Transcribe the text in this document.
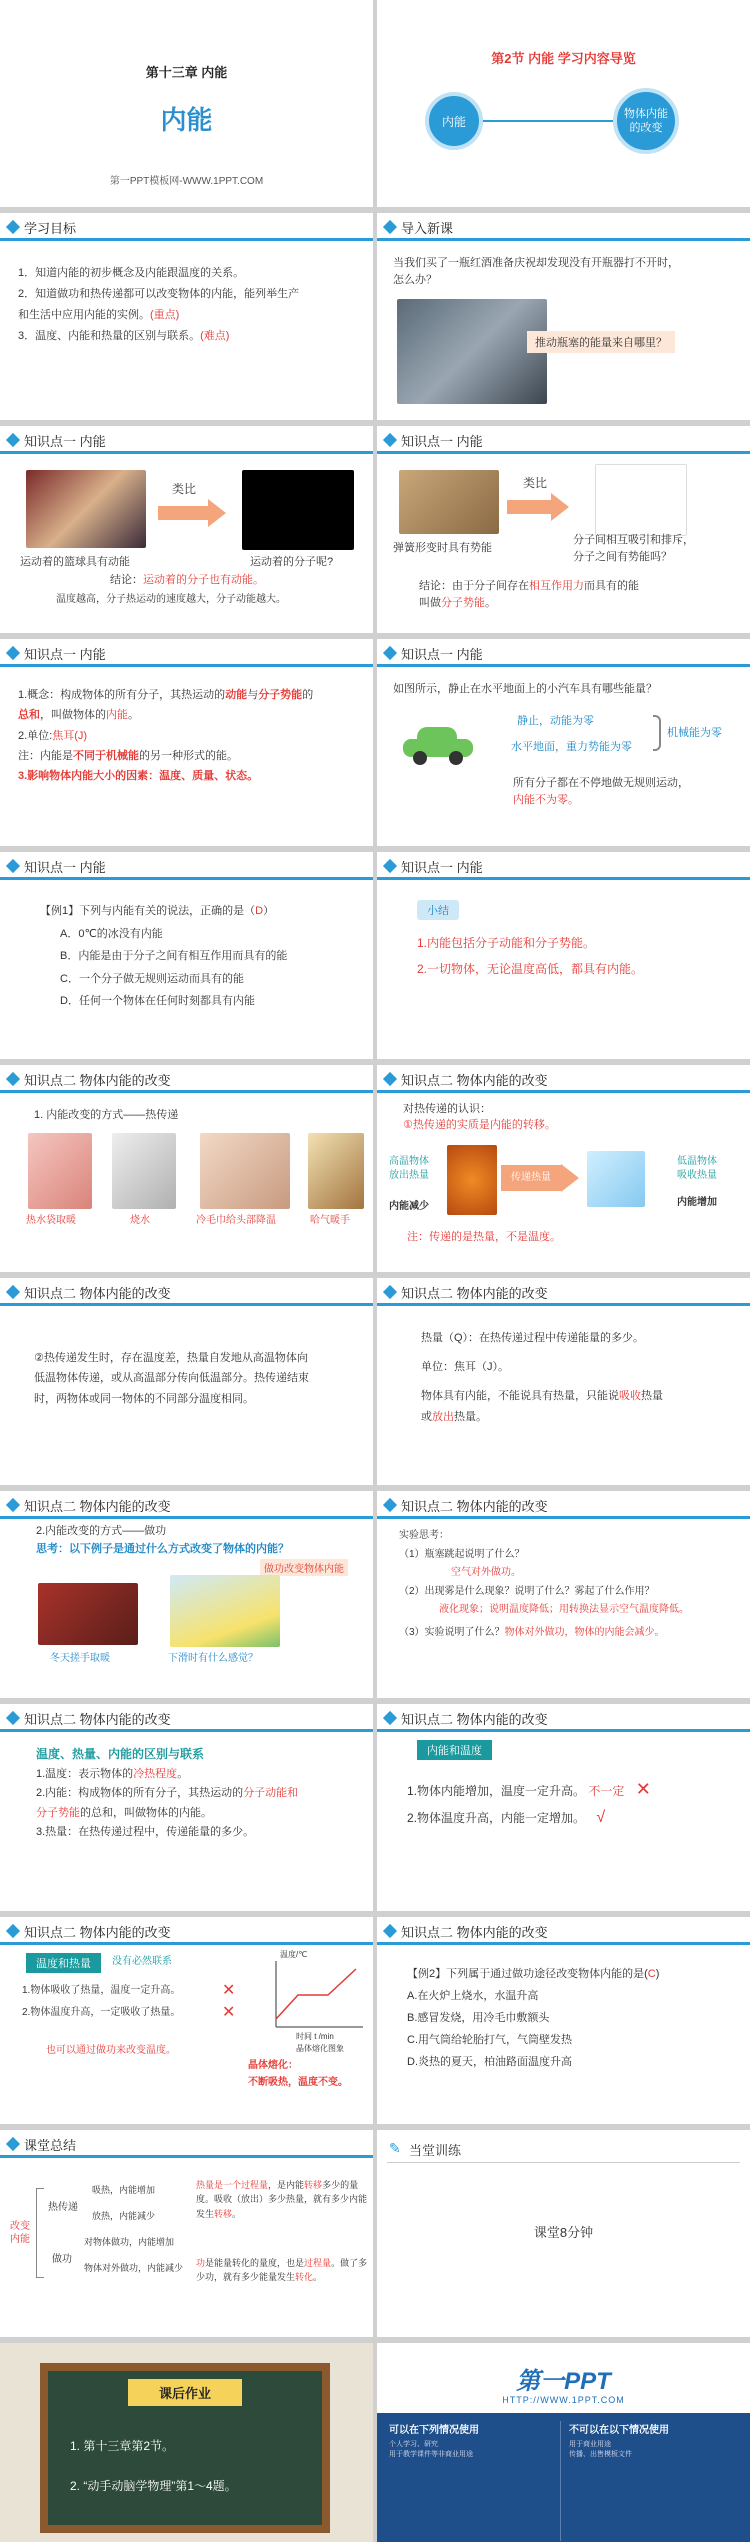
第十三章 内能
内能
第一PPT模板网-WWW.1PPT.COM
第2节 内能 学习内容导览
内能
物体内能
的改变
学习目标
1．知道内能的初步概念及内能跟温度的关系。
2．知道做功和热传递都可以改变物体的内能，能列举生产
和生活中应用内能的实例。(重点)
3．温度、内能和热量的区别与联系。(难点)
导入新课
当我们买了一瓶红酒准备庆祝却发现没有开瓶器打不开时，
怎么办？
推动瓶塞的能量来自哪里？
知识点一 内能
类比
运动着的篮球具有动能	运动着的分子呢?
结论：运动着的分子也有动能。
温度越高，分子热运动的速度越大，分子动能越大。
知识点一 内能
类比
弹簧形变时具有势能
分子间相互吸引和排斥，
分子之间有势能吗？
结论：由于分子间存在相互作用力而具有的能
叫做分子势能。
知识点一 内能
1.概念：构成物体的所有分子，其热运动的动能与分子势能的
总和，叫做物体的内能。
2.单位:焦耳(J)
注：内能是不同于机械能的另一种形式的能。
3.影响物体内能大小的因素：温度、质量、状态。
知识点一 内能
如图所示，静止在水平地面上的小汽车具有哪些能量？
静止，动能为零
水平地面，重力势能为零
机械能为零
所有分子都在不停地做无规则运动，
内能不为零。
知识点一 内能
【例1】下列与内能有关的说法，正确的是（D）
A．0℃的冰没有内能
B．内能是由于分子之间有相互作用而具有的能
C．一个分子做无规则运动而具有的能
D．任何一个物体在任何时刻都具有内能
知识点一 内能
小结
1.内能包括分子动能和分子势能。
2.一切物体，无论温度高低，都具有内能。
知识点二 物体内能的改变
1. 内能改变的方式——热传递
热水袋取暖	烧水	冷毛巾给头部降温	哈气暖手
知识点二 物体内能的改变
对热传递的认识：
①热传递的实质是内能的转移。
高温物体
放出热量
内能减少
传递热量
低温物体
吸收热量
内能增加
注：传递的是热量，不是温度。
知识点二 物体内能的改变
②热传递发生时，存在温度差，热量自发地从高温物体向
低温物体传递，或从高温部分传向低温部分。热传递结束
时，两物体或同一物体的不同部分温度相同。
知识点二 物体内能的改变
热量（Q）：在热传递过程中传递能量的多少。
单位：焦耳（J）。
物体具有内能，不能说具有热量，只能说吸收热量
或放出热量。
知识点二 物体内能的改变
2.内能改变的方式——做功
思考：以下例子是通过什么方式改变了物体的内能？
做功改变物体内能
冬天搓手取暖	下滑时有什么感觉？
知识点二 物体内能的改变
实验思考：
（1）瓶塞跳起说明了什么？
空气对外做功。
（2）出现雾是什么现象？说明了什么？雾起了什么作用？
液化现象；说明温度降低；用转换法显示空气温度降低。
（3）实验说明了什么？物体对外做功，物体的内能会减少。
知识点二 物体内能的改变
温度、热量、内能的区别与联系
1.温度：表示物体的冷热程度。
2.内能：构成物体的所有分子，其热运动的分子动能和
分子势能的总和，叫做物体的内能。
3.热量：在热传递过程中，传递能量的多少。
知识点二 物体内能的改变
内能和温度
1.物体内能增加，温度一定升高。 不一定 ✕
2.物体温度升高，内能一定增加。 √
知识点二 物体内能的改变
温度和热量	没有必然联系
1.物体吸收了热量，温度一定升高。
2.物体温度升高，一定吸收了热量。
✕
✕
也可以通过做功来改变温度。
温度/℃
时间 t /min
晶体熔化图象
晶体熔化：
不断吸热，温度不变。
知识点二 物体内能的改变
【例2】下列属于通过做功途径改变物体内能的是(C)
A.在火炉上烧水，水温升高
B.感冒发烧，用冷毛巾敷额头
C.用气筒给轮胎打气，气筒壁发热
D.炎热的夏天，柏油路面温度升高
课堂总结
改变
内能
热传递
做功
吸热，内能增加
放热，内能减少
对物体做功，内能增加
物体对外做功，内能减少
热量是一个过程量，是内能转移多少的量度。吸收（放出）多少热量，就有多少内能发生转移。
功是能量转化的量度，也是过程量。做了多少功，就有多少能量发生转化。
✎ 当堂训练
课堂8分钟
课后作业
1. 第十三章第2节。
2. “动手动脑学物理”第1～4题。
第一PPT
HTTP://WWW.1PPT.COM
可以在下列情况使用	不可以在以下情况使用
个人学习、研究
用于教学课件等非商业用途
用于商业用途
传播、出售模板文件
